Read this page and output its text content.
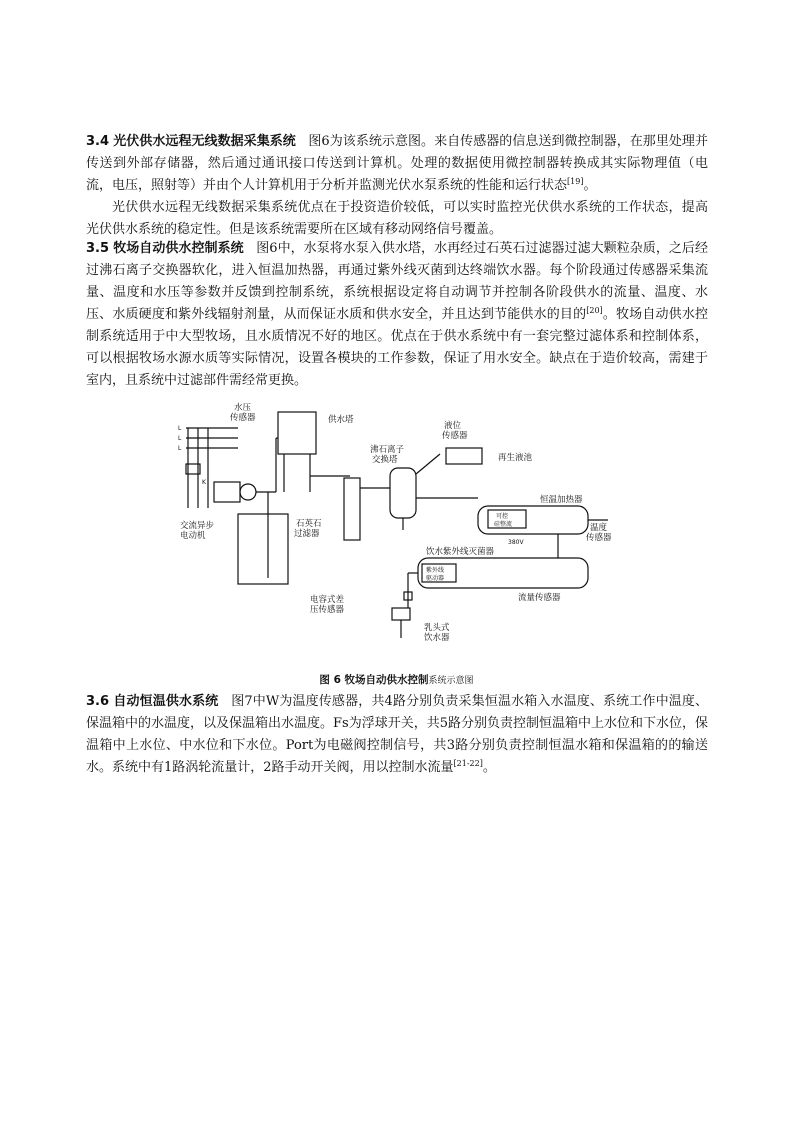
3.4 光伏供水远程无线数据采集系统 图6为该系统示意图。来自传感器的信息送到微控制器，在那里处理并传送到外部存储器，然后通过通讯接口传送到计算机。处理的数据使用微控制器转换成其实际物理值（电流，电压，照射等）并由个人计算机用于分析并监测光伏水泵系统的性能和运行状态[19]。

光伏供水远程无线数据采集系统优点在于投资造价较低，可以实时监控光伏供水系统的工作状态，提高光伏供水系统的稳定性。但是该系统需要所在区域有移动网络信号覆盖。

3.5 牧场自动供水控制系统 图6中，水泵将水泵入供水塔，水再经过石英石过滤器过滤大颗粒杂质，之后经过沸石离子交换器软化，进入恒温加热器，再通过紫外线灭菌到达终端饮水器。每个阶段通过传感器采集流量、温度和水压等参数并反馈到控制系统，系统根据设定将自动调节并控制各阶段供水的流量、温度、水压、水质硬度和紫外线辐射剂量，从而保证水质和供水安全，并且达到节能供水的目的[20]。牧场自动供水控制系统适用于中大型牧场，且水质情况不好的地区。优点在于供水系统中有一套完整过滤体系和控制体系，可以根据牧场水源水质等实际情况，设置各模块的工作参数，保证了用水安全。缺点在于造价较高，需建于室内，且系统中过滤部件需经常更换。

水压
传感器	供水塔
沸石离子
交换塔
液位
传感器
再生液池
恒温加热器
交流异步
电动机
石英石
过滤器
温度
传感器
饮水紫外线灭菌器
电容式差
压传感器
流量传感器
乳头式
饮水器
可控
硅整流
380V
紫外线
驱动器
L
L
L
K
图 6 牧场自动供水控制系统示意图

3.6 自动恒温供水系统 图7中W为温度传感器，共4路分别负责采集恒温水箱入水温度、系统工作中温度、保温箱中的水温度，以及保温箱出水温度。Fs为浮球开关，共5路分别负责控制恒温箱中上水位和下水位，保温箱中上水位、中水位和下水位。Port为电磁阀控制信号，共3路分别负责控制恒温水箱和保温箱的的输送水。系统中有1路涡轮流量计，2路手动开关阀，用以控制水流量[21-22]。
